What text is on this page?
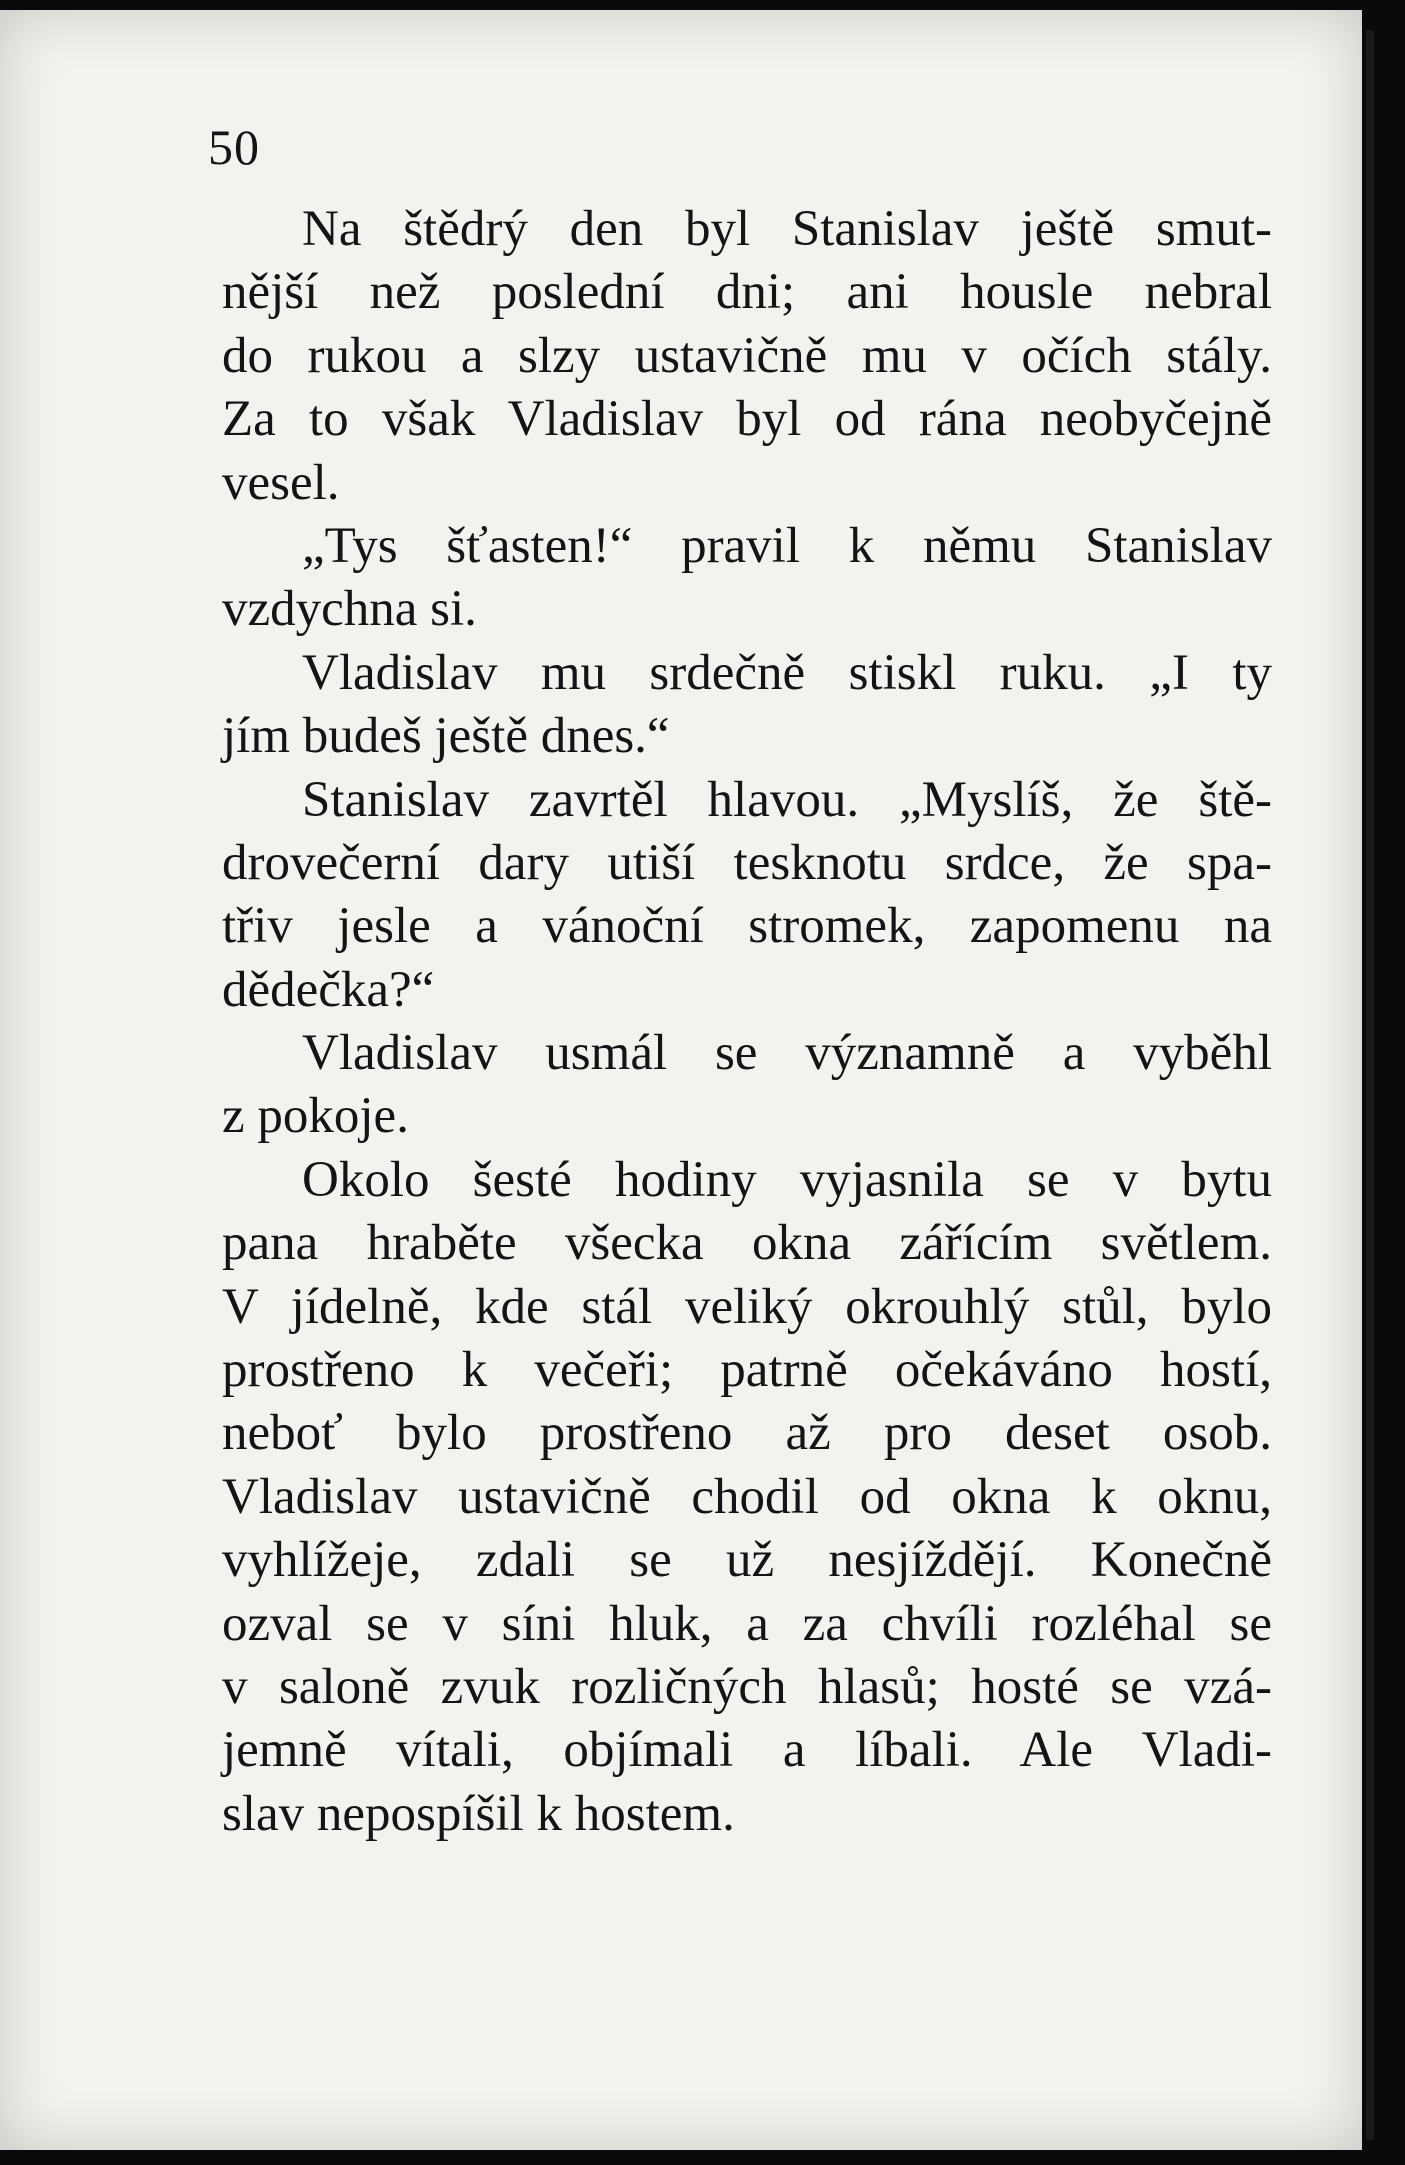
50
Na štědrý den byl Stanislav ještě smut-
nější než poslední dni; ani housle nebral
do rukou a slzy ustavičně mu v očích stály.
Za to však Vladislav byl od rána neobyčejně
vesel.
„Tys šťasten!“ pravil k němu Stanislav
vzdychna si.
Vladislav mu srdečně stiskl ruku. „I ty
jím budeš ještě dnes.“
Stanislav zavrtěl hlavou. „Myslíš, že ště-
drovečerní dary utiší tesknotu srdce, že spa-
třiv jesle a vánoční stromek, zapomenu na
dědečka?“
Vladislav usmál se významně a vyběhl
z pokoje.
Okolo šesté hodiny vyjasnila se v bytu
pana hraběte všecka okna zářícím světlem.
V jídelně, kde stál veliký okrouhlý stůl, bylo
prostřeno k večeři; patrně očekáváno hostí,
neboť bylo prostřeno až pro deset osob.
Vladislav ustavičně chodil od okna k oknu,
vyhlížeje, zdali se už nesjíždějí. Konečně
ozval se v síni hluk, a za chvíli rozléhal se
v saloně zvuk rozličných hlasů; hosté se vzá-
jemně vítali, objímali a líbali. Ale Vladi-
slav nepospíšil k hostem.
